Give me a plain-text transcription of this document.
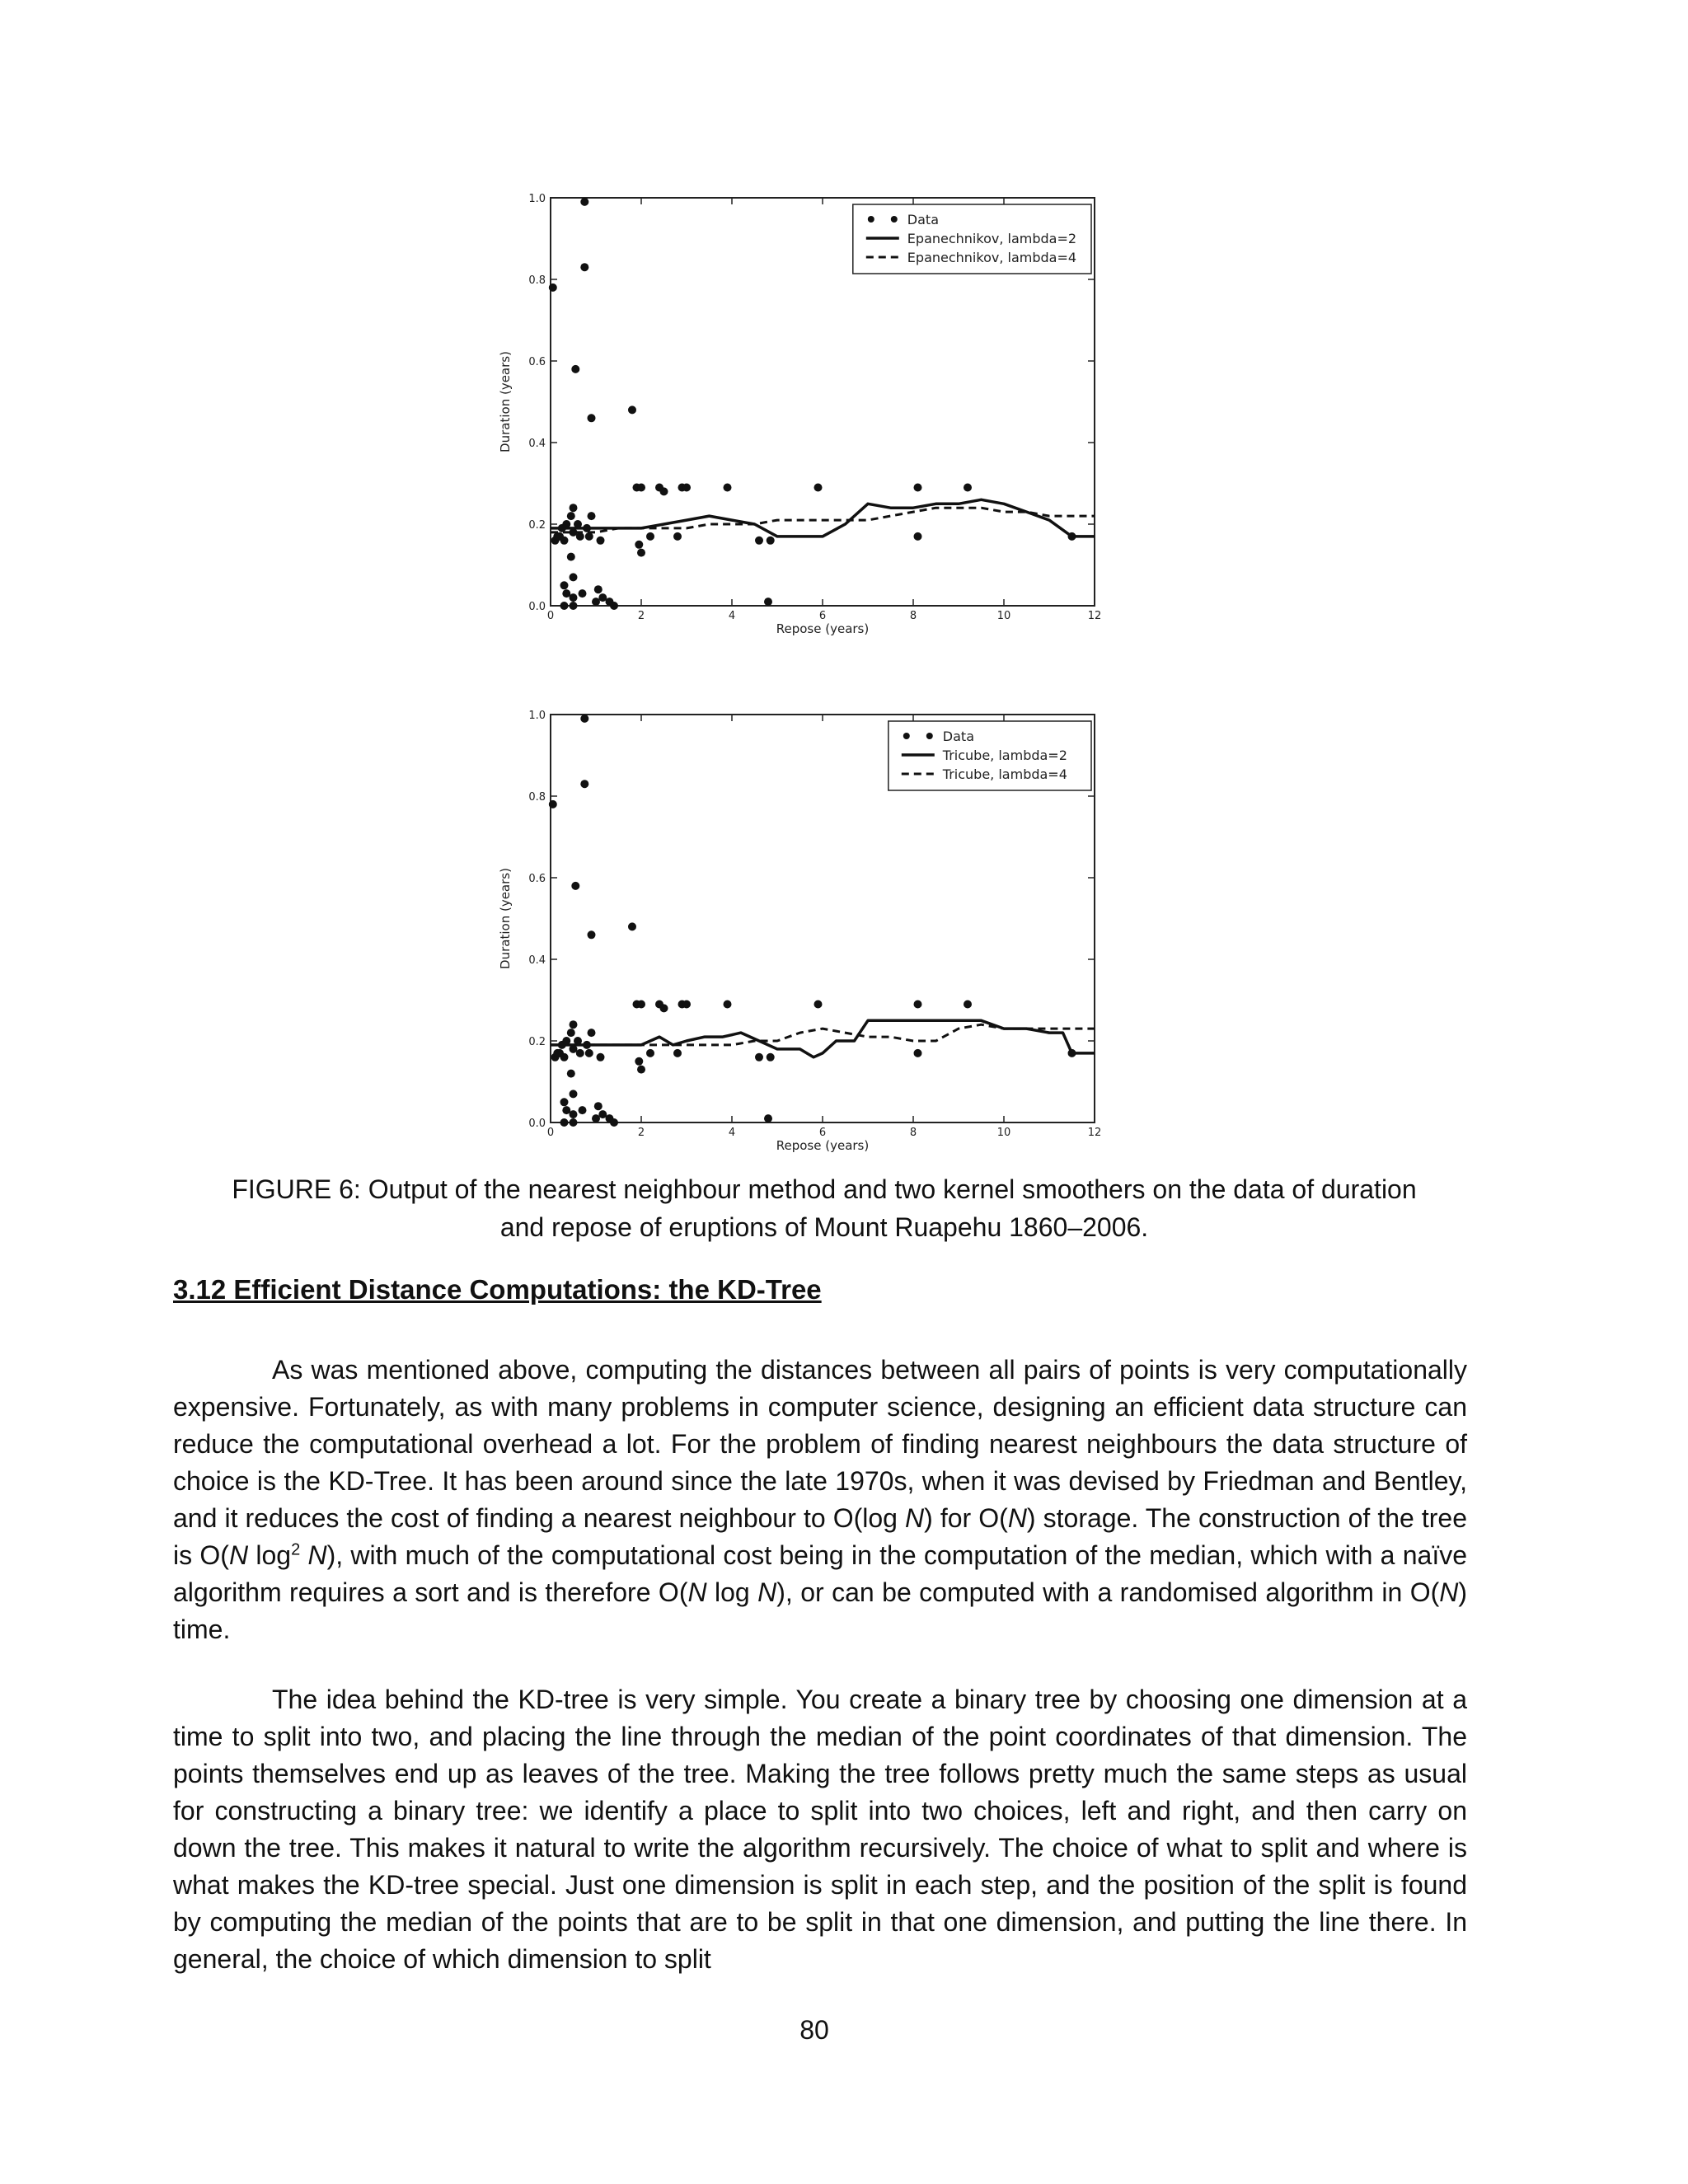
0	2	4	6	8	10	12
0.0
0.2
0.4
0.6
0.8
1.0
Repose (years)
Duration (years)
Data
Epanechnikov, lambda=2
Epanechnikov, lambda=4
0	2	4	6	8	10	12
0.0
0.2
0.4
0.6
0.8
1.0
Repose (years)
Duration (years)
Data
Tricube, lambda=2
Tricube, lambda=4

FIGURE 6: Output of the nearest neighbour method and two kernel smoothers on the data of duration
and repose of eruptions of Mount Ruapehu 1860–2006.

3.12 Efficient Distance Computations: the KD-Tree

As was mentioned above, computing the distances between all pairs of points is very computationally expensive. Fortunately, as with many problems in computer science, designing an efficient data structure can reduce the computational overhead a lot. For the problem of finding nearest neighbours the data structure of choice is the KD-Tree. It has been around since the late 1970s, when it was devised by Friedman and Bentley, and it reduces the cost of finding a nearest neighbour to O(log N) for O(N) storage. The construction of the tree is O(N $\log^2 N$), with much of the computational cost being in the computation of the median, which with a naïve algorithm requires a sort and is therefore O(N log N), or can be computed with a randomised algorithm in O(N) time.

The idea behind the KD-tree is very simple. You create a binary tree by choosing one dimension at a time to split into two, and placing the line through the median of the point coordinates of that dimension. The points themselves end up as leaves of the tree. Making the tree follows pretty much the same steps as usual for constructing a binary tree: we identify a place to split into two choices, left and right, and then carry on down the tree. This makes it natural to write the algorithm recursively. The choice of what to split and where is what makes the KD-tree special. Just one dimension is split in each step, and the position of the split is found by computing the median of the points that are to be split in that one dimension, and putting the line there. In general, the choice of which dimension to split

80
